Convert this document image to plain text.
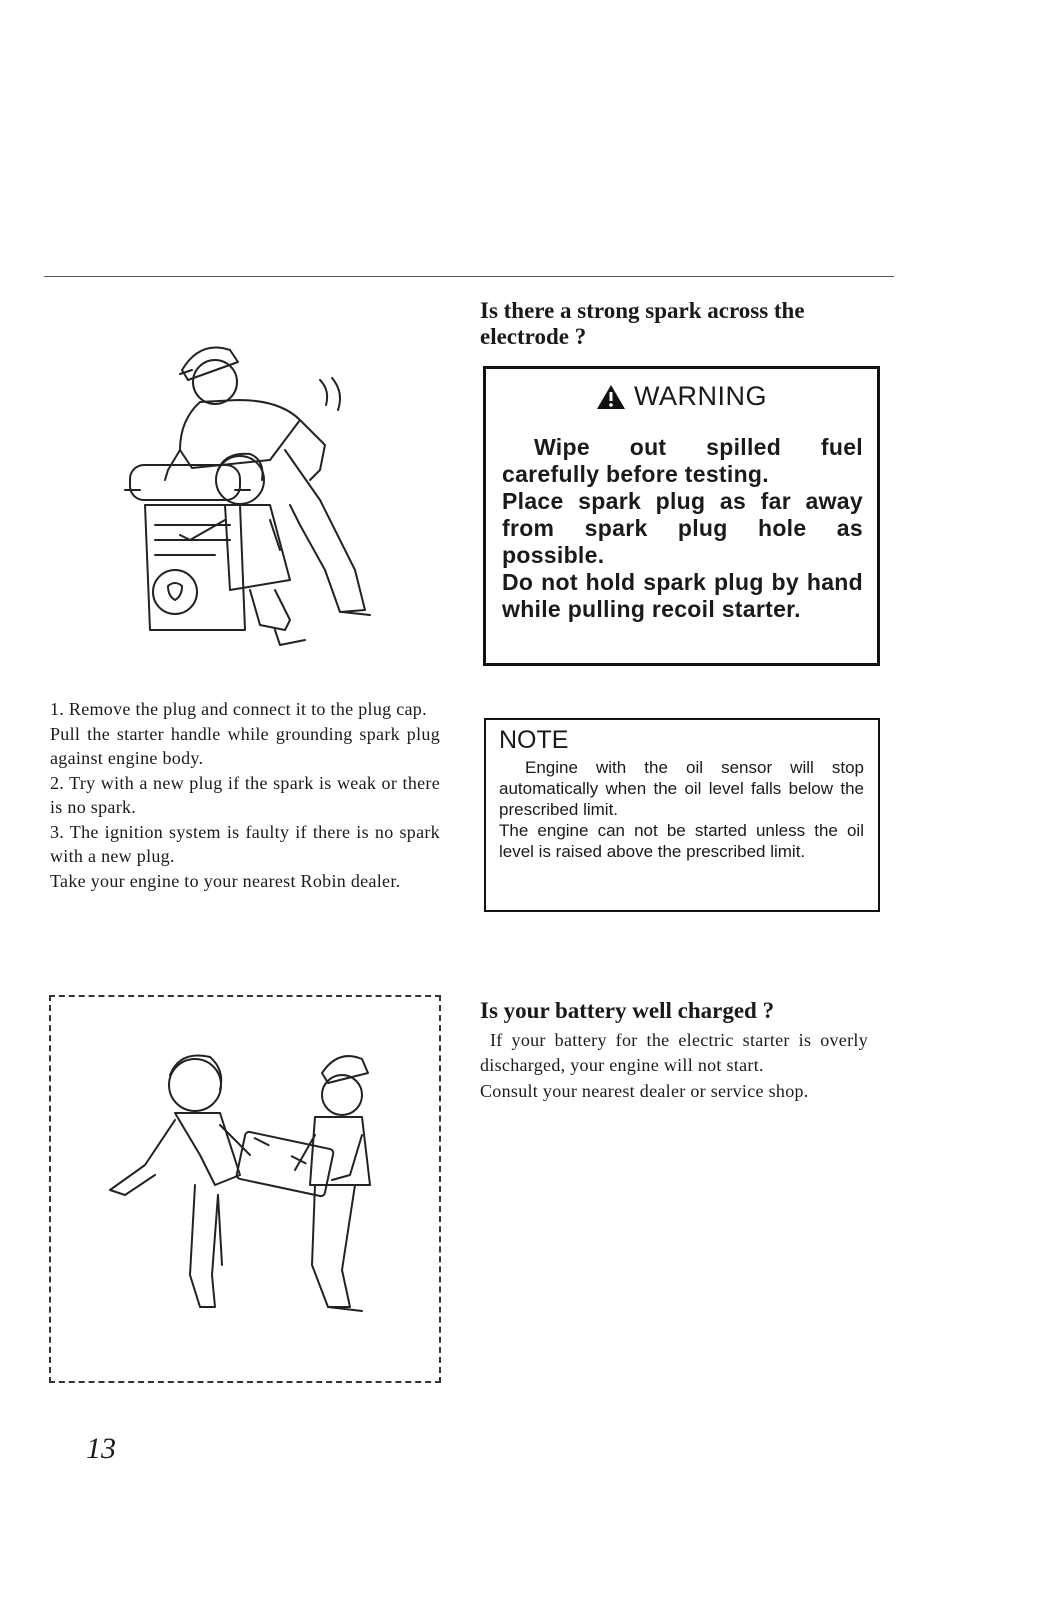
Is there a strong spark across the electrode ?
WARNING

Wipe out spilled fuel carefully before testing.

Place spark plug as far away from spark plug hole as possible.

Do not hold spark plug by hand while pulling recoil starter.

1. Remove the plug and connect it to the plug cap.

Pull the starter handle while grounding spark plug against engine body.

2. Try with a new plug if the spark is weak or there is no spark.

3. The ignition system is faulty if there is no spark with a new plug.

Take your engine to your nearest Robin dealer.

NOTE

Engine with the oil sensor will stop automatically when the oil level falls below the prescribed limit.

The engine can not be started unless the oil level is raised above the prescribed limit.

Is your battery well charged ?

If your battery for the electric starter is overly discharged, your engine will not start.

Consult your nearest dealer or service shop.

13
